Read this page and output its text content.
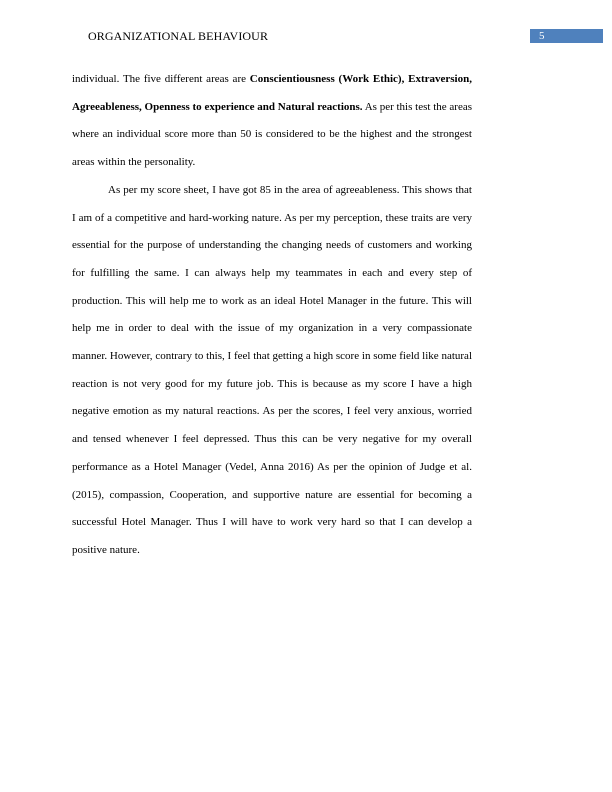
ORGANIZATIONAL BEHAVIOUR	5

individual. The five different areas are Conscientiousness (Work Ethic), Extraversion, Agreeableness, Openness to experience and Natural reactions. As per this test the areas where an individual score more than 50 is considered to be the highest and the strongest areas within the personality.

As per my score sheet, I have got 85 in the area of agreeableness. This shows that I am of a competitive and hard-working nature. As per my perception, these traits are very essential for the purpose of understanding the changing needs of customers and working for fulfilling the same. I can always help my teammates in each and every step of production. This will help me to work as an ideal Hotel Manager in the future. This will help me in order to deal with the issue of my organization in a very compassionate manner. However, contrary to this, I feel that getting a high score in some field like natural reaction is not very good for my future job. This is because as my score I have a high negative emotion as my natural reactions. As per the scores, I feel very anxious, worried and tensed whenever I feel depressed. Thus this can be very negative for my overall performance as a Hotel Manager (Vedel, Anna 2016) As per the opinion of Judge et al. (2015), compassion, Cooperation, and supportive nature are essential for becoming a successful Hotel Manager. Thus I will have to work very hard so that I can develop a positive nature.
